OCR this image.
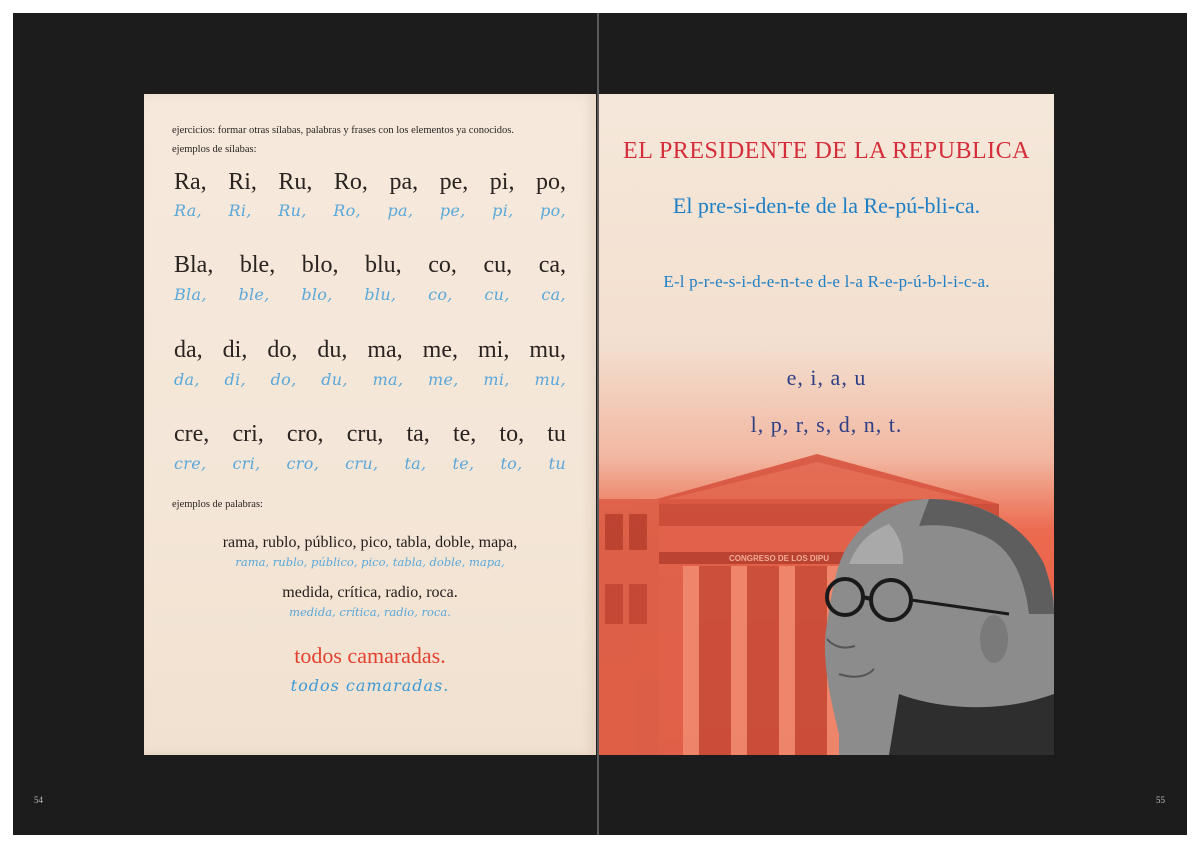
54	55
ejercicios: formar otras sílabas, palabras y frases con los elementos ya conocidos.
ejemplos de sílabas:
Ra, Ri, Ru, Ro, pa, pe, pi, po,
Ra, Ri, Ru, Ro, pa, pe, pi, po,
Bla, ble, blo, blu, co, cu, ca,
Bla, ble, blo, blu, co, cu, ca,
da, di, do, du, ma, me, mi, mu,
da, di, do, du, ma, me, mi, mu,
cre, cri, cro, cru, ta, te, to, tu
cre, cri, cro, cru, ta, te, to, tu
ejemplos de palabras:
rama, rublo, público, pico, tabla, doble, mapa,
rama, rublo, público, pico, tabla, doble, mapa,
medida, crítica, radio, roca.
medida, crítica, radio, roca.
todos camaradas.
todos camaradas.
CONGRESO DE LOS DIPU
EL PRESIDENTE DE LA REPUBLICA
El pre-si-den-te de la Re-pú-bli-ca.
E-l p-r-e-s-i-d-e-n-t-e d-e l-a R-e-p-ú-b-l-i-c-a.
e, i, a, u
l, p, r, s, d, n, t.
